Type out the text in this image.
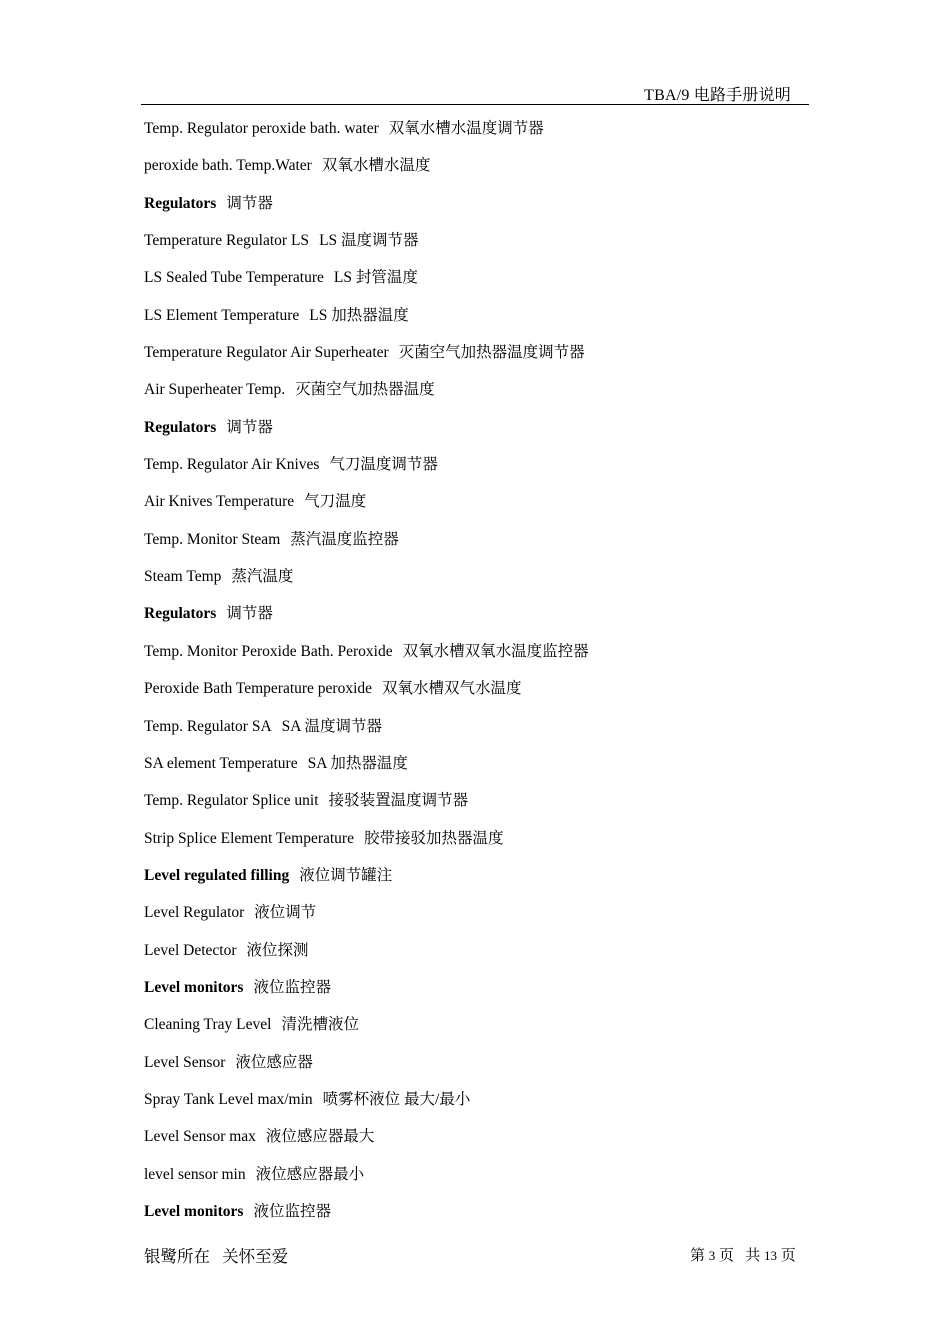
TBA/9 电路手册说明
Temp. Regulator peroxide bath. water 双氧水槽水温度调节器
peroxide bath. Temp.Water 双氧水槽水温度
Regulators 调节器
Temperature Regulator LS LS 温度调节器
LS Sealed Tube Temperature LS 封管温度
LS Element Temperature LS 加热器温度
Temperature Regulator Air Superheater 灭菌空气加热器温度调节器
Air Superheater Temp. 灭菌空气加热器温度
Regulators 调节器
Temp. Regulator Air Knives 气刀温度调节器
Air Knives Temperature 气刀温度
Temp. Monitor Steam 蒸汽温度监控器
Steam Temp 蒸汽温度
Regulators 调节器
Temp. Monitor Peroxide Bath. Peroxide 双氧水槽双氧水温度监控器
Peroxide Bath Temperature peroxide 双氧水槽双气水温度
Temp. Regulator SA SA 温度调节器
SA element Temperature SA 加热器温度
Temp. Regulator Splice unit 接驳装置温度调节器
Strip Splice Element Temperature 胶带接驳加热器温度
Level regulated filling 液位调节罐注
Level Regulator 液位调节
Level Detector 液位探测
Level monitors 液位监控器
Cleaning Tray Level 清洗槽液位
Level Sensor 液位感应器
Spray Tank Level max/min 喷雾杯液位 最大/最小
Level Sensor max 液位感应器最大
level sensor min 液位感应器最小
Level monitors 液位监控器
银鹭所在 关怀至爱	第 3 页 共 13 页
